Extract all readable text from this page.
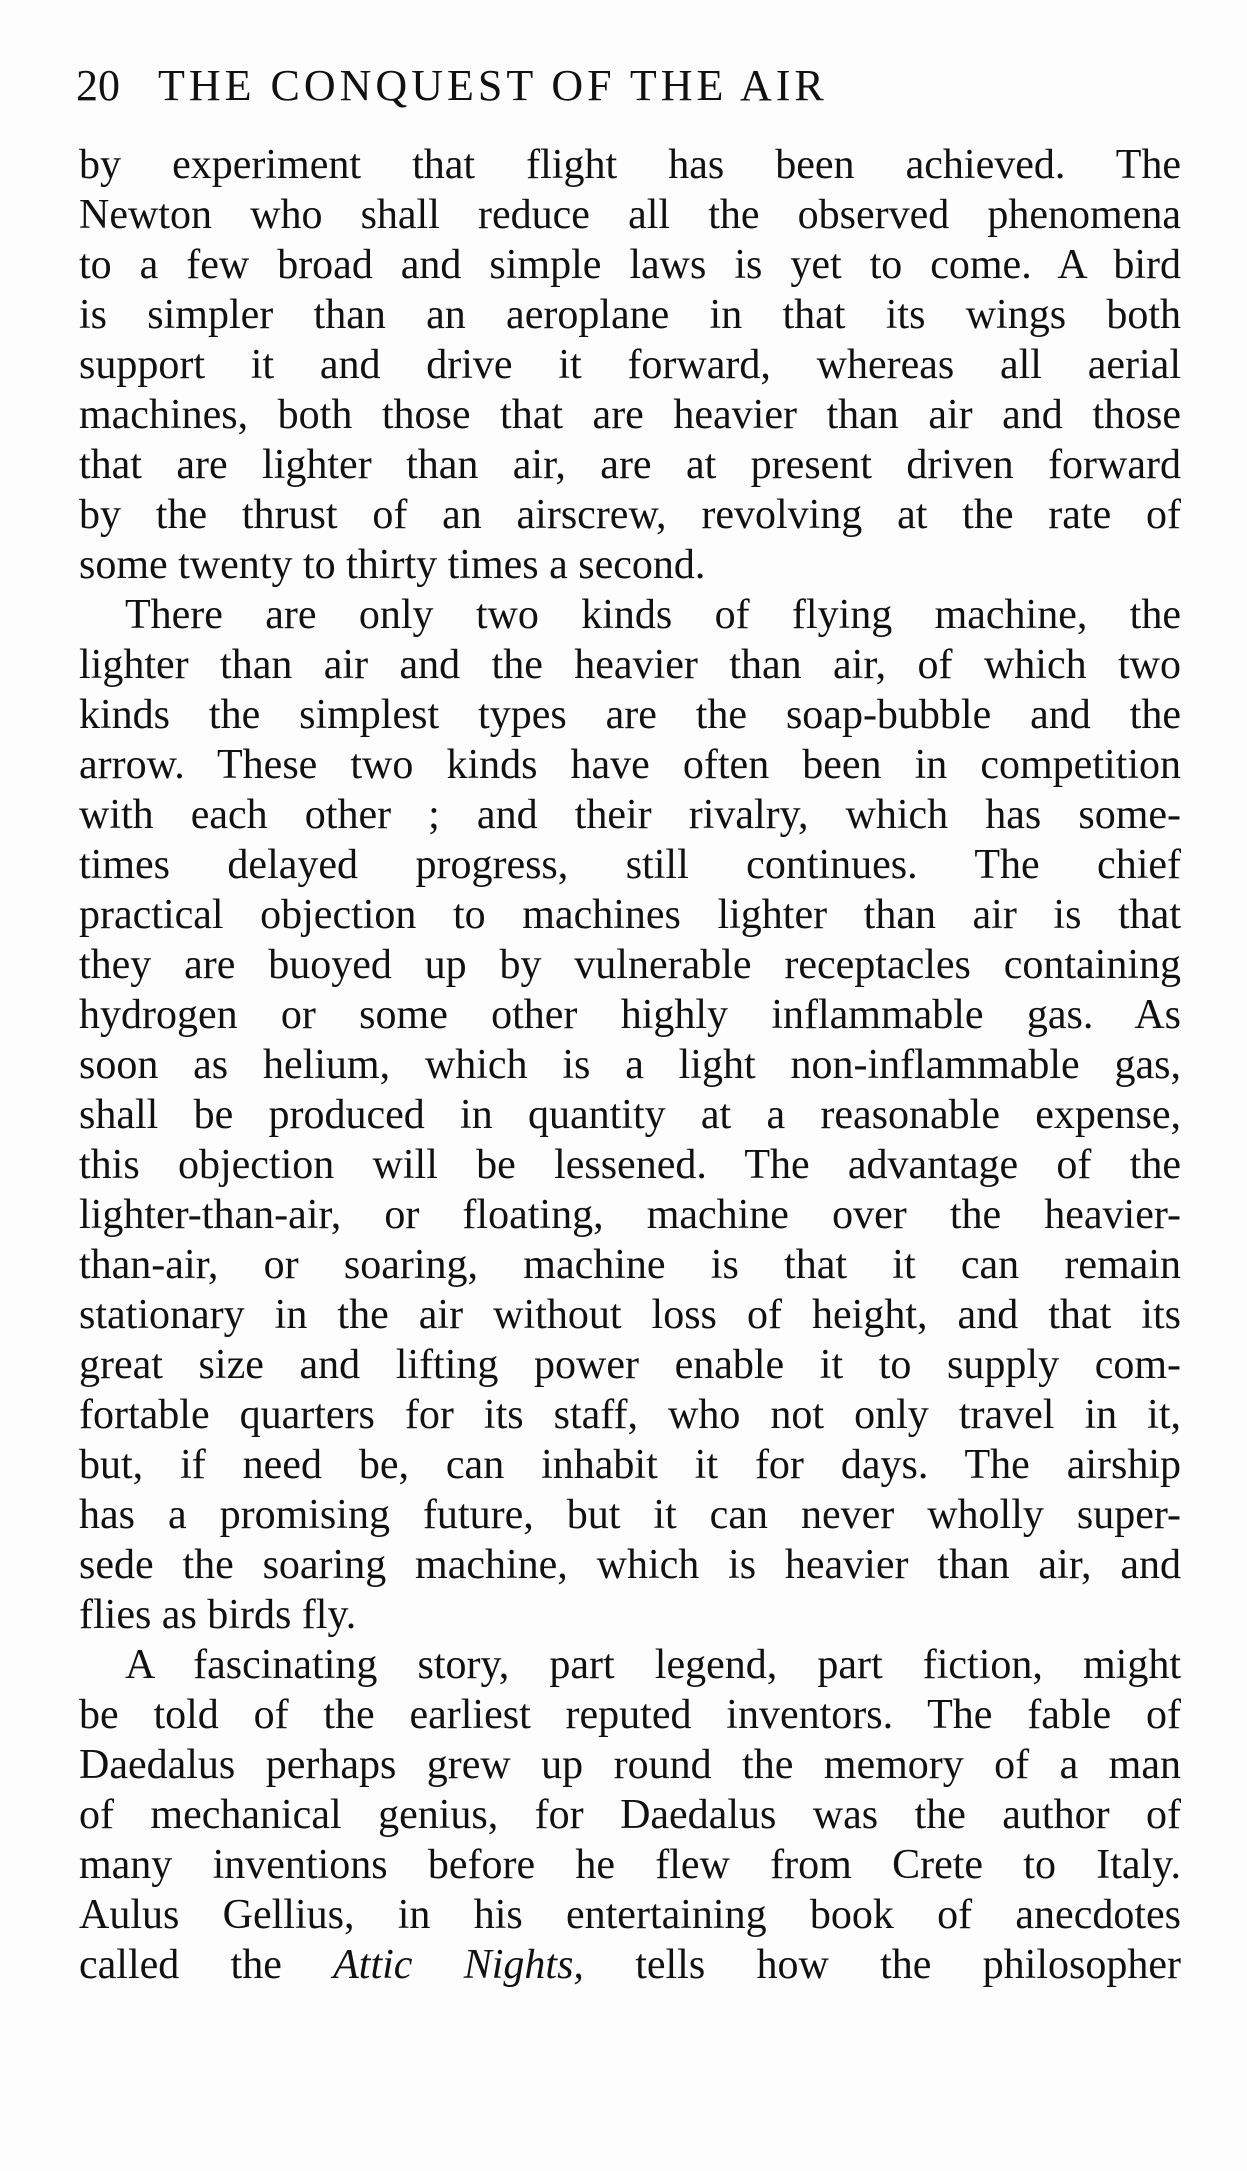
20 THE CONQUEST OF THE AIR
by experiment that flight has been achieved. The
Newton who shall reduce all the observed phenomena
to a few broad and simple laws is yet to come. A bird
is simpler than an aeroplane in that its wings both
support it and drive it forward, whereas all aerial
machines, both those that are heavier than air and those
that are lighter than air, are at present driven forward
by the thrust of an airscrew, revolving at the rate of
some twenty to thirty times a second.
There are only two kinds of flying machine, the
lighter than air and the heavier than air, of which two
kinds the simplest types are the soap-bubble and the
arrow. These two kinds have often been in competition
with each other ; and their rivalry, which has some-
times delayed progress, still continues. The chief
practical objection to machines lighter than air is that
they are buoyed up by vulnerable receptacles containing
hydrogen or some other highly inflammable gas. As
soon as helium, which is a light non-inflammable gas,
shall be produced in quantity at a reasonable expense,
this objection will be lessened. The advantage of the
lighter-than-air, or floating, machine over the heavier-
than-air, or soaring, machine is that it can remain
stationary in the air without loss of height, and that its
great size and lifting power enable it to supply com-
fortable quarters for its staff, who not only travel in it,
but, if need be, can inhabit it for days. The airship
has a promising future, but it can never wholly super-
sede the soaring machine, which is heavier than air, and
flies as birds fly.
A fascinating story, part legend, part fiction, might
be told of the earliest reputed inventors. The fable of
Daedalus perhaps grew up round the memory of a man
of mechanical genius, for Daedalus was the author of
many inventions before he flew from Crete to Italy.
Aulus Gellius, in his entertaining book of anecdotes
called the Attic Nights, tells how the philosopher
